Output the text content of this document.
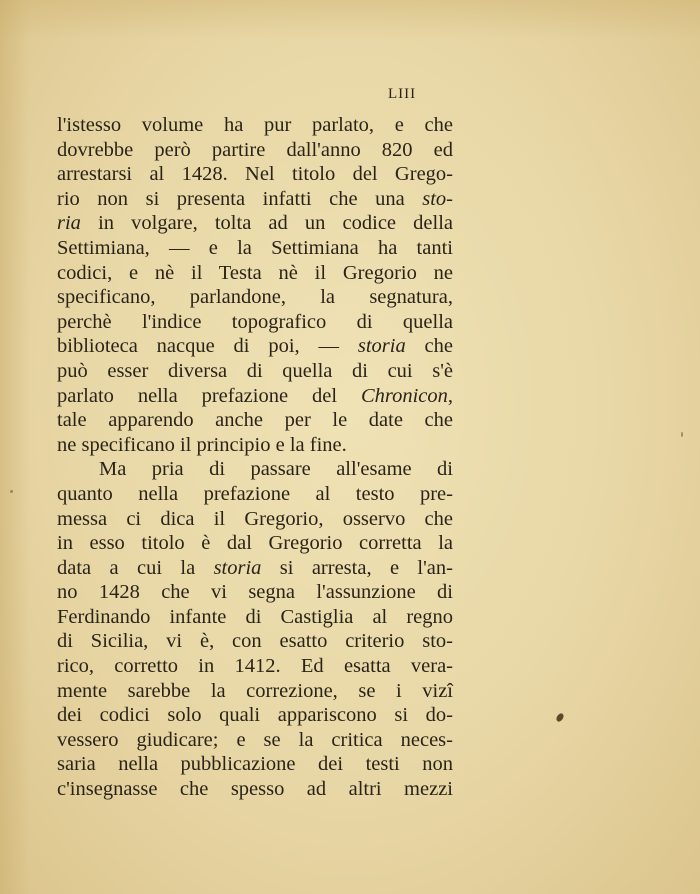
LIII
l'istesso volume ha pur parlato, e che
dovrebbe però partire dall'anno 820 ed
arrestarsi al 1428. Nel titolo del Grego-
rio non si presenta infatti che una sto-
ria in volgare, tolta ad un codice della
Settimiana, — e la Settimiana ha tanti
codici, e nè il Testa nè il Gregorio ne
specificano, parlandone, la segnatura,
perchè l'indice topografico di quella
biblioteca nacque di poi, — storia che
può esser diversa di quella di cui s'è
parlato nella prefazione del Chronicon,
tale apparendo anche per le date che
ne specificano il principio e la fine.
Ma pria di passare all'esame di
quanto nella prefazione al testo pre-
messa ci dica il Gregorio, osservo che
in esso titolo è dal Gregorio corretta la
data a cui la storia si arresta, e l'an-
no 1428 che vi segna l'assunzione di
Ferdinando infante di Castiglia al regno
di Sicilia, vi è, con esatto criterio sto-
rico, corretto in 1412. Ed esatta vera-
mente sarebbe la correzione, se i vizî
dei codici solo quali appariscono si do-
vessero giudicare; e se la critica neces-
saria nella pubblicazione dei testi non
c'insegnasse che spesso ad altri mezzi
